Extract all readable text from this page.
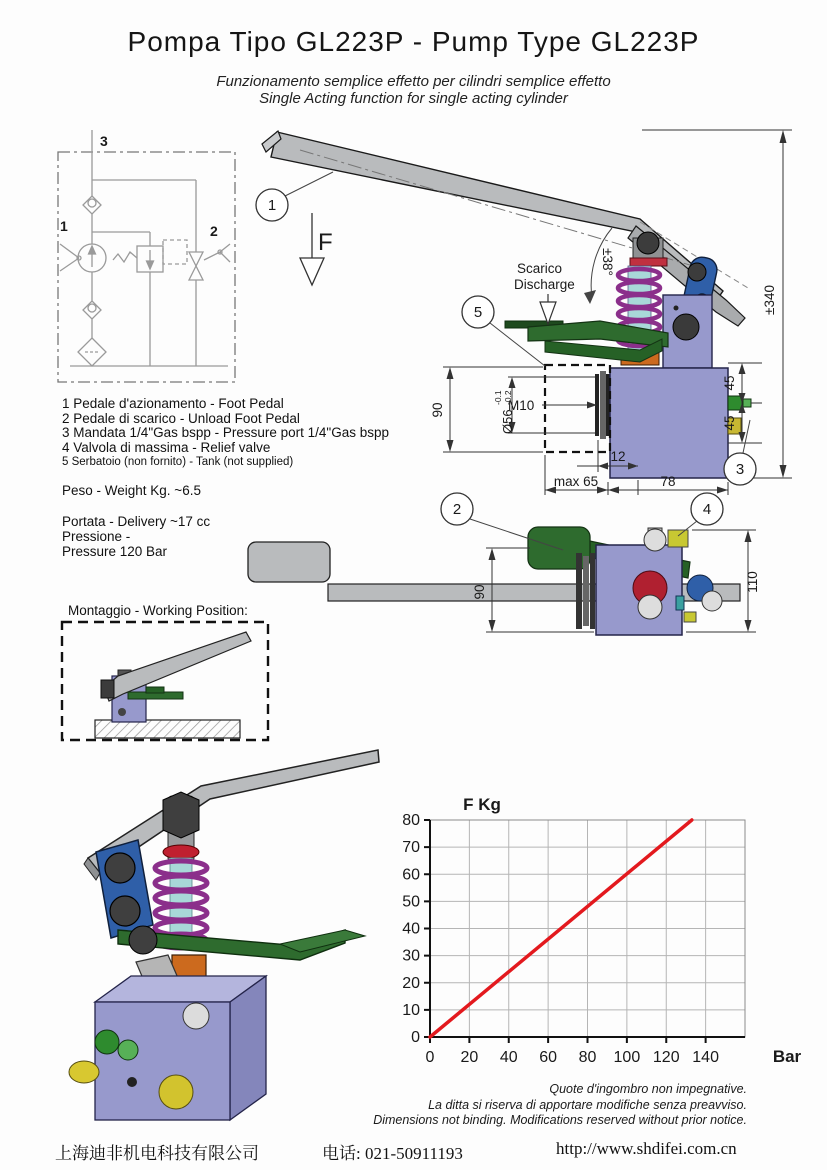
Pompa Tipo GL223P - Pump Type GL223P
Funzionamento semplice effetto per cilindri semplice effetto
Single Acting function for single acting cylinder
3
1	2
1
F
Scarico
Discharge
±38°
±340
5
90	Ø56
-0.1 -0.2
M10
45
45
12
max 65	78
3
2	4
90	110
1 Pedale d'azionamento - Foot Pedal
2 Pedale di scarico - Unload Foot Pedal
3 Mandata 1/4"Gas bspp - Pressure port 1/4"Gas bspp
4 Valvola di massima - Relief valve
5 Serbatoio (non fornito) - Tank (not supplied)
Peso - Weight Kg. ~6.5
Portata - Delivery ~17 cc
Pressione -
Pressure 120 Bar
Montaggio - Working Position:
0 20 40 60 80 100 120 140
0
10
20
30
40
50
60
70
80
F Kg
Bar
Quote d'ingombro non impegnative.
La ditta si riserva di apportare modifiche senza preavviso.
Dimensions not binding. Modifications reserved without prior notice.
上海迪非机电科技有限公司	电话: 021-50911193	http://www.shdifei.com.cn
